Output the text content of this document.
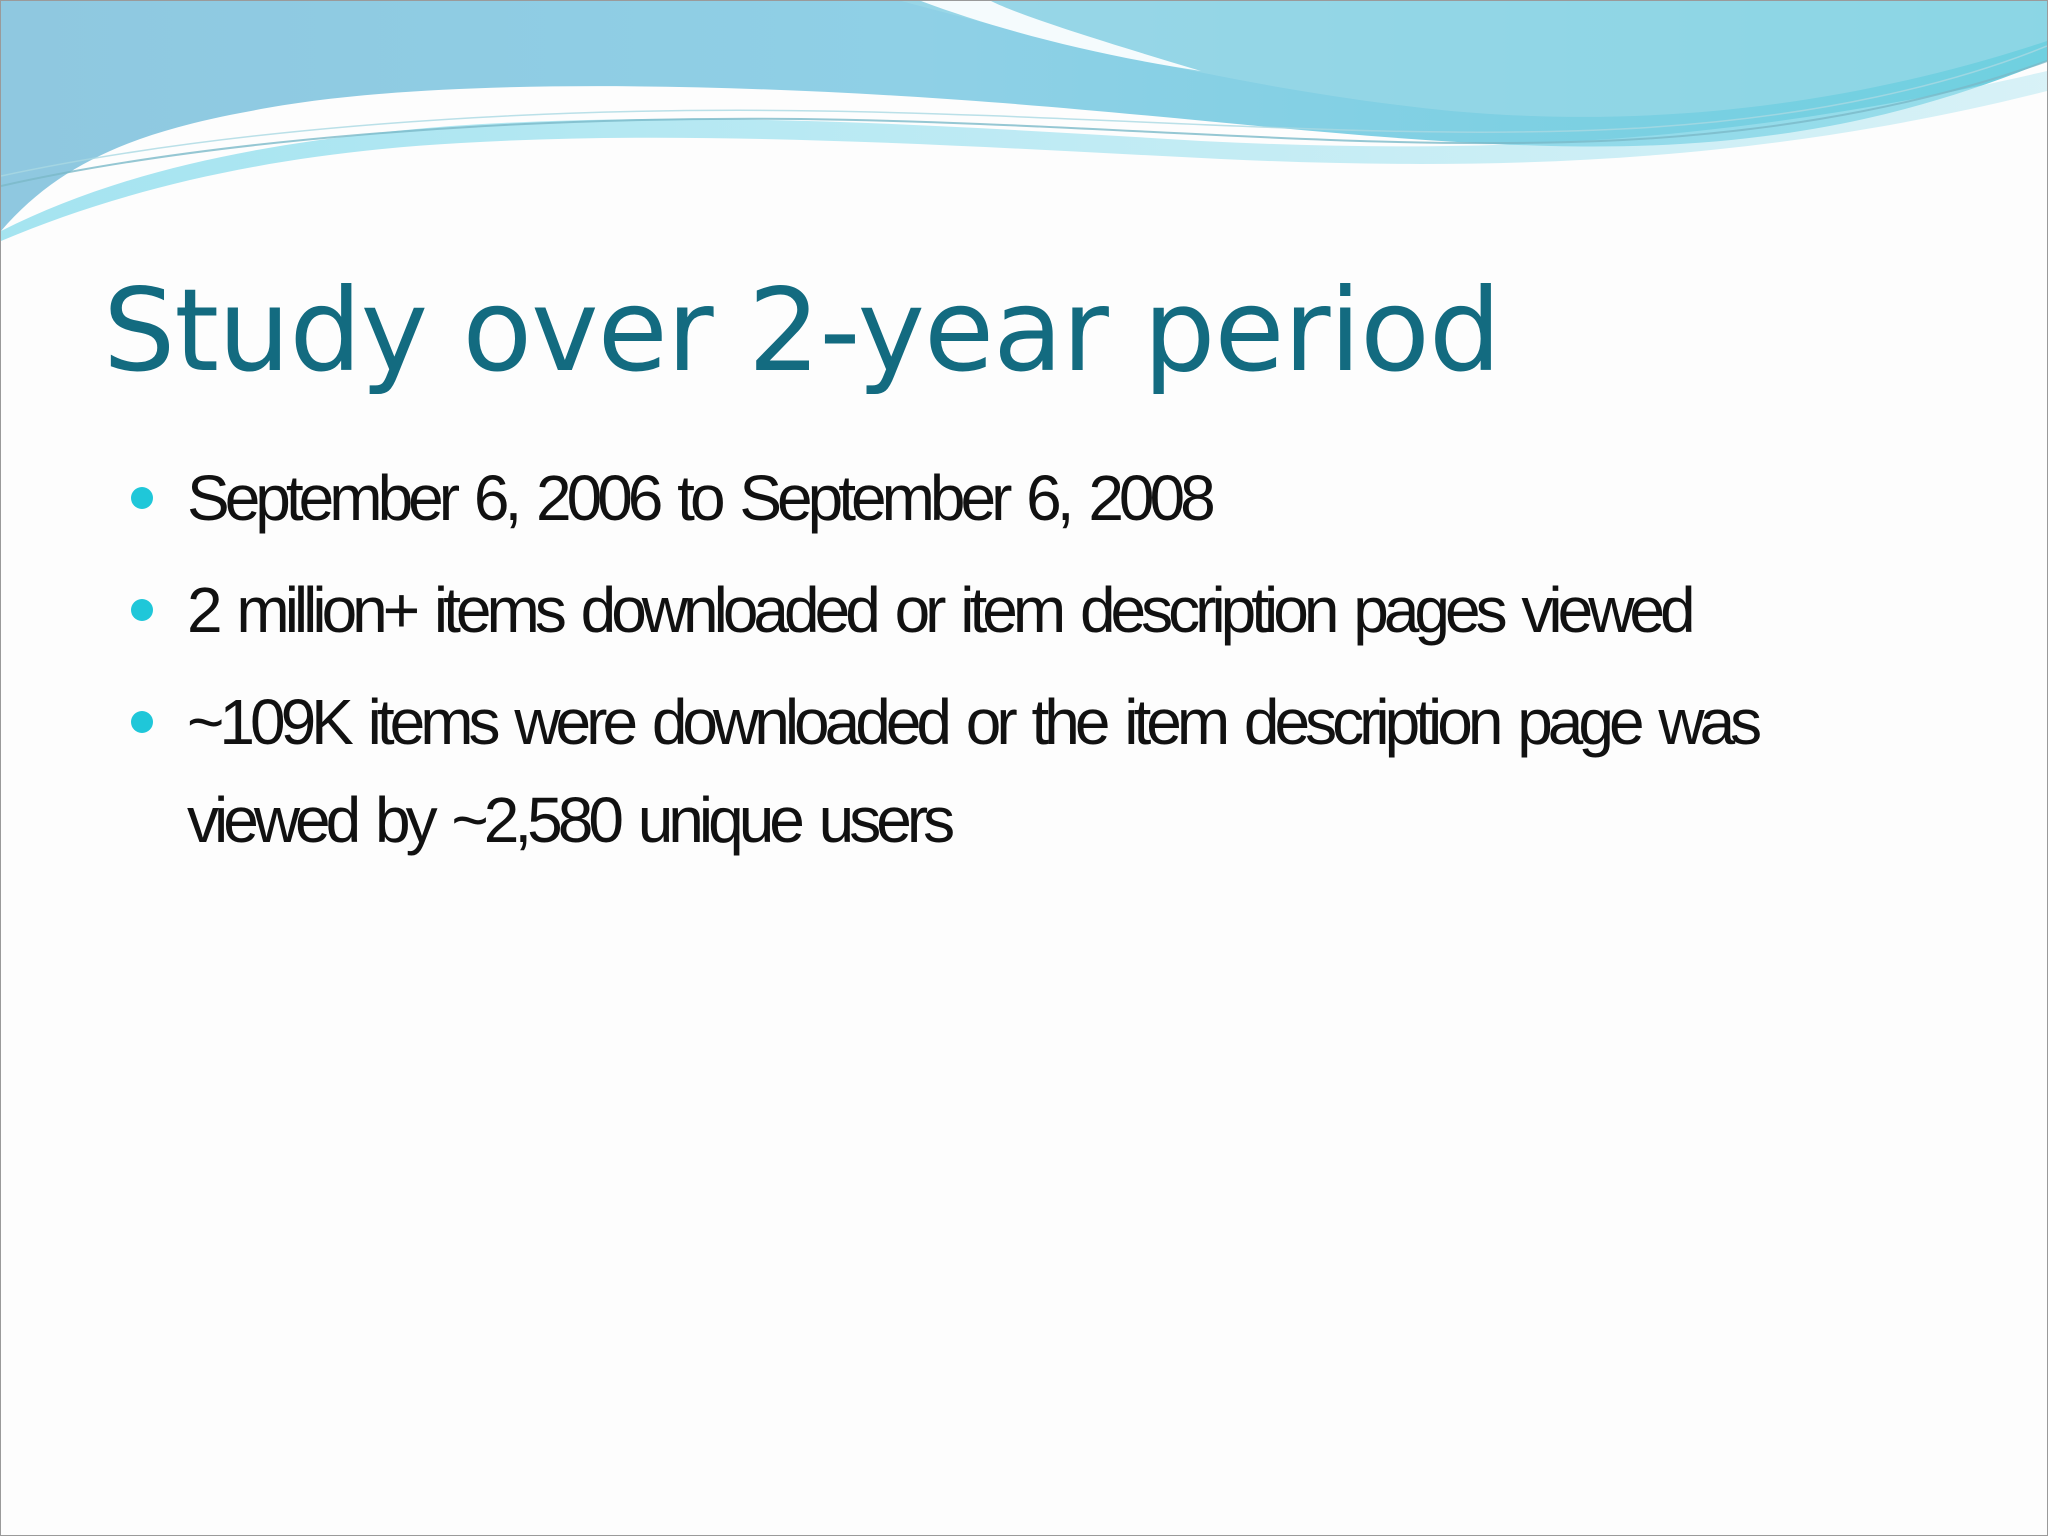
Study over 2-year period
September 6, 2006 to September 6, 2008
2 million+ items downloaded or item description pages viewed
~109K items were downloaded or the item description page was viewed by ~2,580 unique users
